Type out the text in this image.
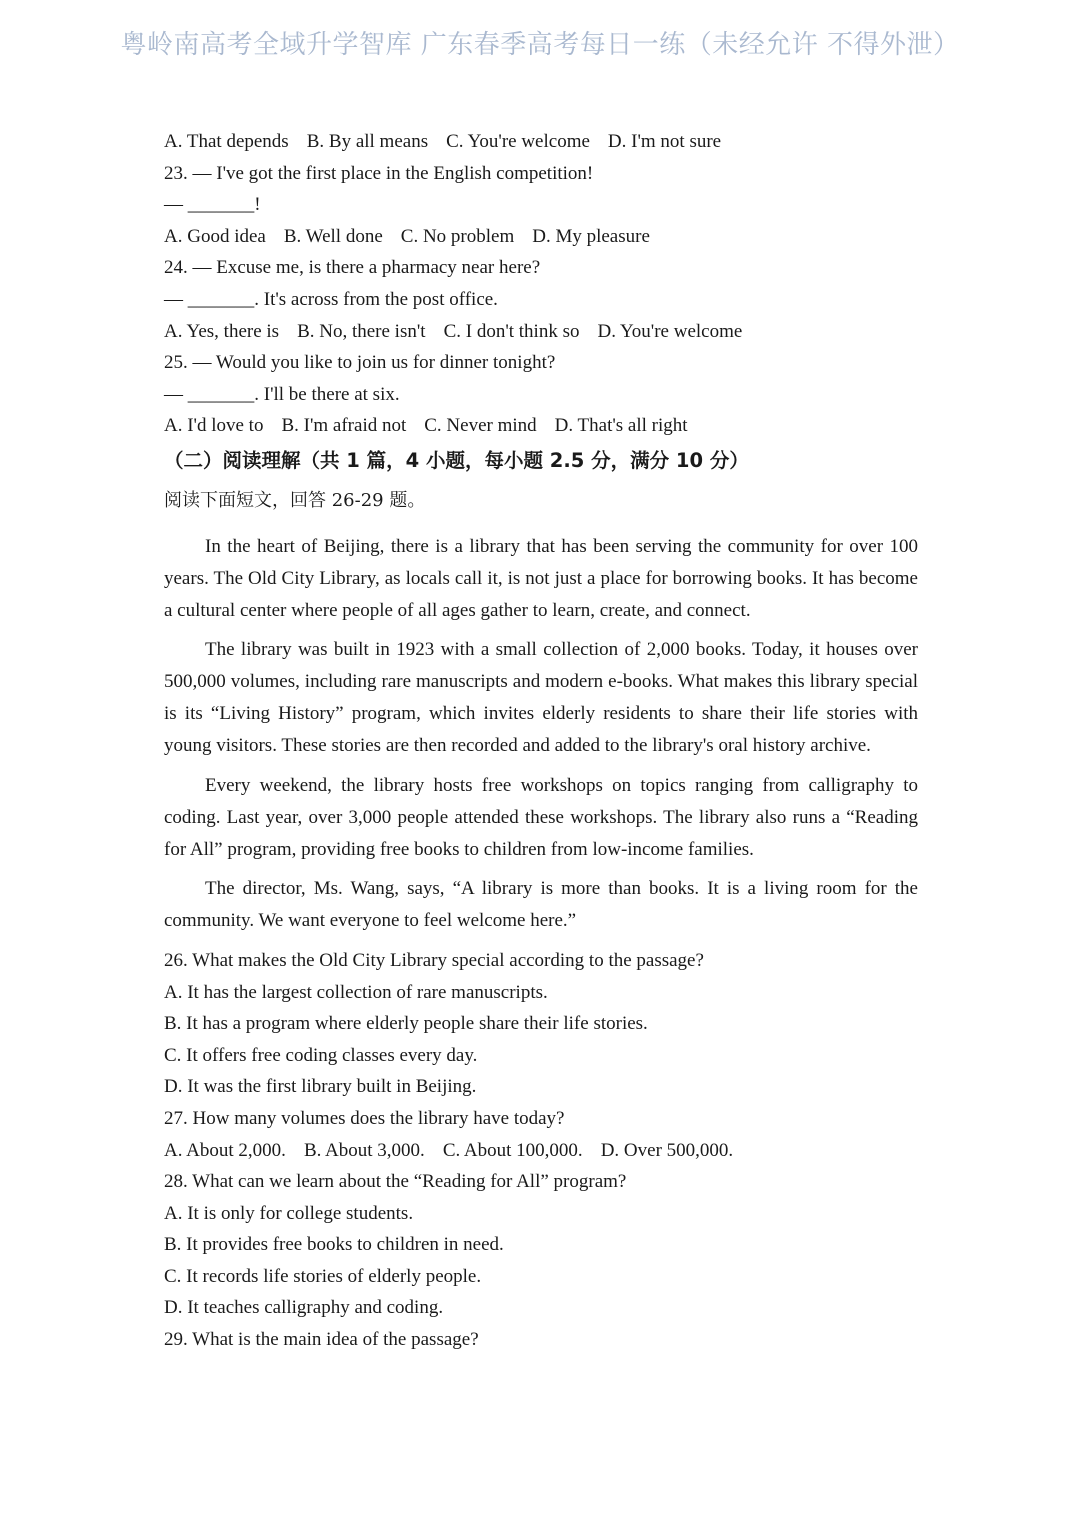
粤岭南高考全域升学智库 广东春季高考每日一练（未经允许 不得外泄）
A. That depends B. By all means C. You're welcome D. I'm not sure
23. — I've got the first place in the English competition!
— _______!
A. Good idea B. Well done C. No problem D. My pleasure
24. — Excuse me, is there a pharmacy near here?
— _______. It's across from the post office.
A. Yes, there is B. No, there isn't C. I don't think so D. You're welcome
25. — Would you like to join us for dinner tonight?
— _______. I'll be there at six.
A. I'd love to B. I'm afraid not C. Never mind D. That's all right
（二）阅读理解（共 1 篇，4 小题，每小题 2.5 分，满分 10 分）
阅读下面短文，回答 26-29 题。

In the heart of Beijing, there is a library that has been serving the community for over 100 years. The Old City Library, as locals call it, is not just a place for borrowing books. It has become a cultural center where people of all ages gather to learn, create, and connect.

The library was built in 1923 with a small collection of 2,000 books. Today, it houses over 500,000 volumes, including rare manuscripts and modern e-books. What makes this library special is its “Living History” program, which invites elderly residents to share their life stories with young visitors. These stories are then recorded and added to the library's oral history archive.

Every weekend, the library hosts free workshops on topics ranging from calligraphy to coding. Last year, over 3,000 people attended these workshops. The library also runs a “Reading for All” program, providing free books to children from low-income families.

The director, Ms. Wang, says, “A library is more than books. It is a living room for the community. We want everyone to feel welcome here.”

26. What makes the Old City Library special according to the passage?
A. It has the largest collection of rare manuscripts.
B. It has a program where elderly people share their life stories.
C. It offers free coding classes every day.
D. It was the first library built in Beijing.
27. How many volumes does the library have today?
A. About 2,000. B. About 3,000. C. About 100,000. D. Over 500,000.
28. What can we learn about the “Reading for All” program?
A. It is only for college students.
B. It provides free books to children in need.
C. It records life stories of elderly people.
D. It teaches calligraphy and coding.
29. What is the main idea of the passage?
